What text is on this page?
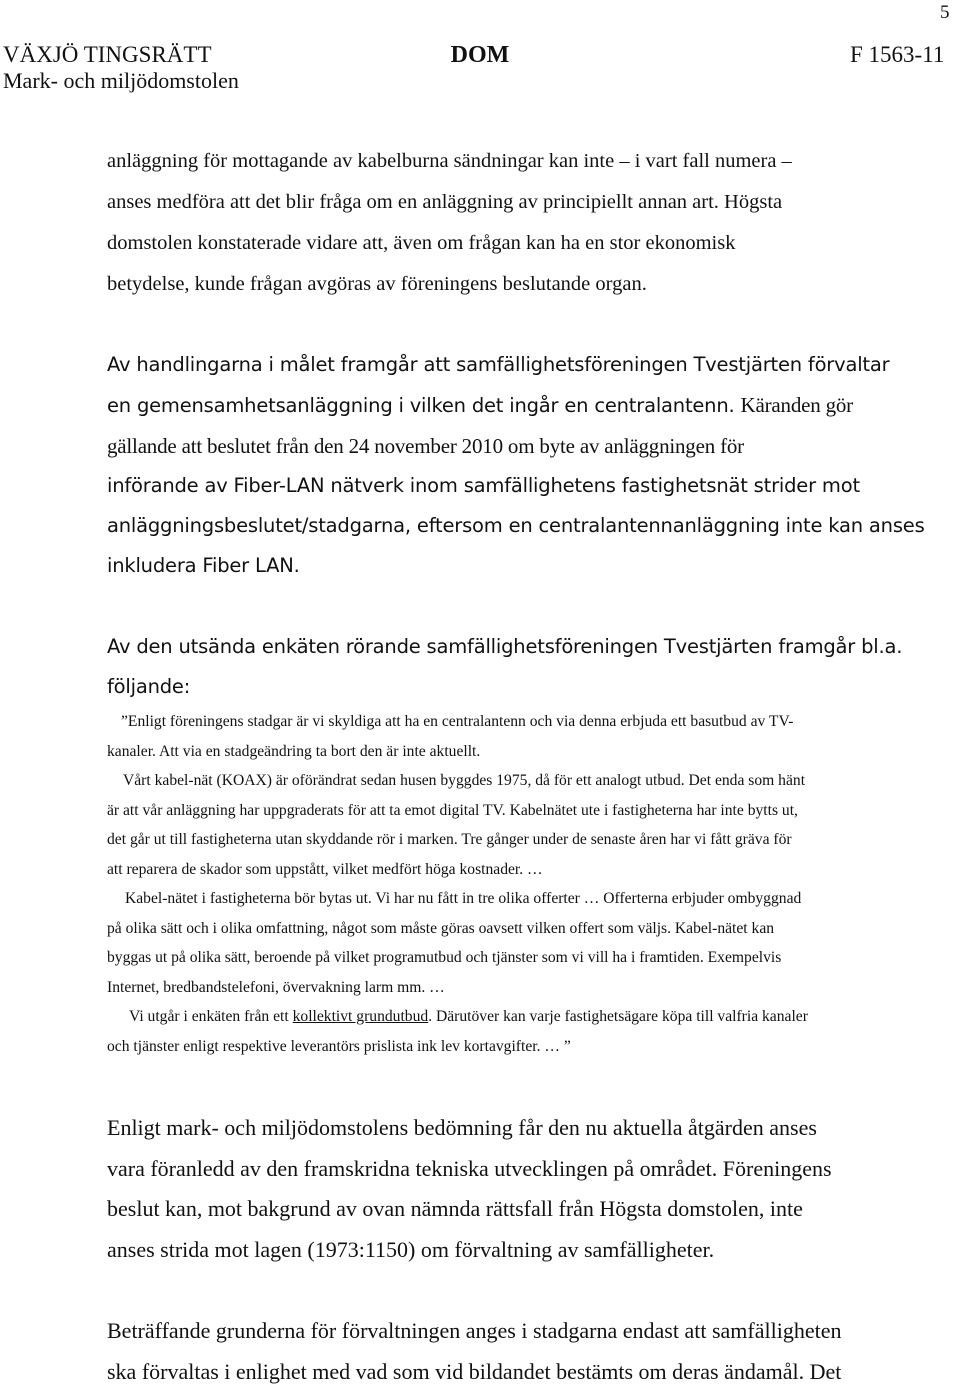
5
VÄXJÖ TINGSRÄTT
Mark- och miljödomstolen
DOM	F 1563-11
anläggning för mottagande av kabelburna sändningar kan inte – i vart fall numera –
anses medföra att det blir fråga om en anläggning av principiellt annan art. Högsta
domstolen konstaterade vidare att, även om frågan kan ha en stor ekonomisk
betydelse, kunde frågan avgöras av föreningens beslutande organ.
Av handlingarna i målet framgår att samfällighetsföreningen Tvestjärten förvaltar
en gemensamhetsanläggning i vilken det ingår en centralantenn. Käranden gör
gällande att beslutet från den 24 november 2010 om byte av anläggningen för
införande av Fiber-LAN nätverk inom samfällighetens fastighetsnät strider mot
anläggningsbeslutet/stadgarna, eftersom en centralantennanläggning inte kan anses
inkludera Fiber LAN.
Av den utsända enkäten rörande samfällighetsföreningen Tvestjärten framgår bl.a.
följande:
”Enligt föreningens stadgar är vi skyldiga att ha en centralantenn och via denna erbjuda ett basutbud av TV-
kanaler. Att via en stadgeändring ta bort den är inte aktuellt.
Vårt kabel-nät (KOAX) är oförändrat sedan husen byggdes 1975, då för ett analogt utbud. Det enda som hänt
är att vår anläggning har uppgraderats för att ta emot digital TV. Kabelnätet ute i fastigheterna har inte bytts ut,
det går ut till fastigheterna utan skyddande rör i marken. Tre gånger under de senaste åren har vi fått gräva för
att reparera de skador som uppstått, vilket medfört höga kostnader. …
Kabel-nätet i fastigheterna bör bytas ut. Vi har nu fått in tre olika offerter … Offerterna erbjuder ombyggnad
på olika sätt och i olika omfattning, något som måste göras oavsett vilken offert som väljs. Kabel-nätet kan
byggas ut på olika sätt, beroende på vilket programutbud och tjänster som vi vill ha i framtiden. Exempelvis
Internet, bredbandstelefoni, övervakning larm mm. …
Vi utgår i enkäten från ett kollektivt grundutbud. Därutöver kan varje fastighetsägare köpa till valfria kanaler
och tjänster enligt respektive leverantörs prislista ink lev kortavgifter. … ”
Enligt mark- och miljödomstolens bedömning får den nu aktuella åtgärden anses
vara föranledd av den framskridna tekniska utvecklingen på området. Föreningens
beslut kan, mot bakgrund av ovan nämnda rättsfall från Högsta domstolen, inte
anses strida mot lagen (1973:1150) om förvaltning av samfälligheter.
Beträffande grunderna för förvaltningen anges i stadgarna endast att samfälligheten
ska förvaltas i enlighet med vad som vid bildandet bestämts om deras ändamål. Det
